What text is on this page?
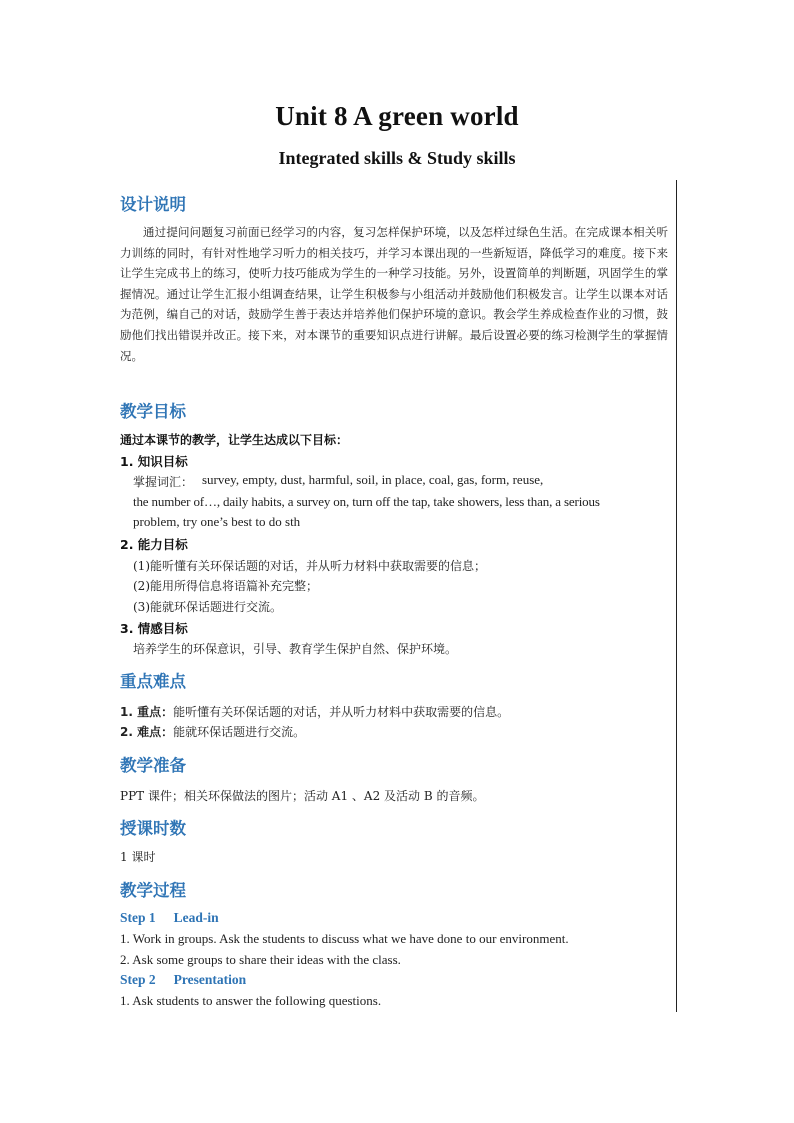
Unit 8 A green world
Integrated skills & Study skills
设计说明
通过提问问题复习前面已经学习的内容，复习怎样保护环境，以及怎样过绿色生活。在完成课本相关听力训练的同时，有针对性地学习听力的相关技巧，并学习本课出现的一些新短语，降低学习的难度。接下来让学生完成书上的练习，使听力技巧能成为学生的一种学习技能。另外，设置简单的判断题，巩固学生的掌握情况。通过让学生汇报小组调查结果，让学生积极参与小组活动并鼓励他们积极发言。让学生以课本对话为范例，编自己的对话，鼓励学生善于表达并培养他们保护环境的意识。教会学生养成检查作业的习惯，鼓励他们找出错误并改正。接下来，对本课节的重要知识点进行讲解。最后设置必要的练习检测学生的掌握情况。
教学目标
通过本课节的教学，让学生达成以下目标：
1. 知识目标
掌握词汇： survey, empty, dust, harmful, soil, in place, coal, gas, form, reuse,
the number of…, daily habits, a survey on, turn off the tap, take showers, less than, a serious
problem, try one’s best to do sth
2. 能力目标
(1)能听懂有关环保话题的对话，并从听力材料中获取需要的信息；
(2)能用所得信息将语篇补充完整；
(3)能就环保话题进行交流。
3. 情感目标
培养学生的环保意识，引导、教育学生保护自然、保护环境。
重点难点
1. 重点：能听懂有关环保话题的对话，并从听力材料中获取需要的信息。
2. 难点：能就环保话题进行交流。
教学准备
PPT 课件；相关环保做法的图片；活动 A1 、A2 及活动 B 的音频。
授课时数
1 课时
教学过程
Step 1 Lead-in
1. Work in groups. Ask the students to discuss what we have done to our environment.
2. Ask some groups to share their ideas with the class.
Step 2 Presentation
1. Ask students to answer the following questions.
